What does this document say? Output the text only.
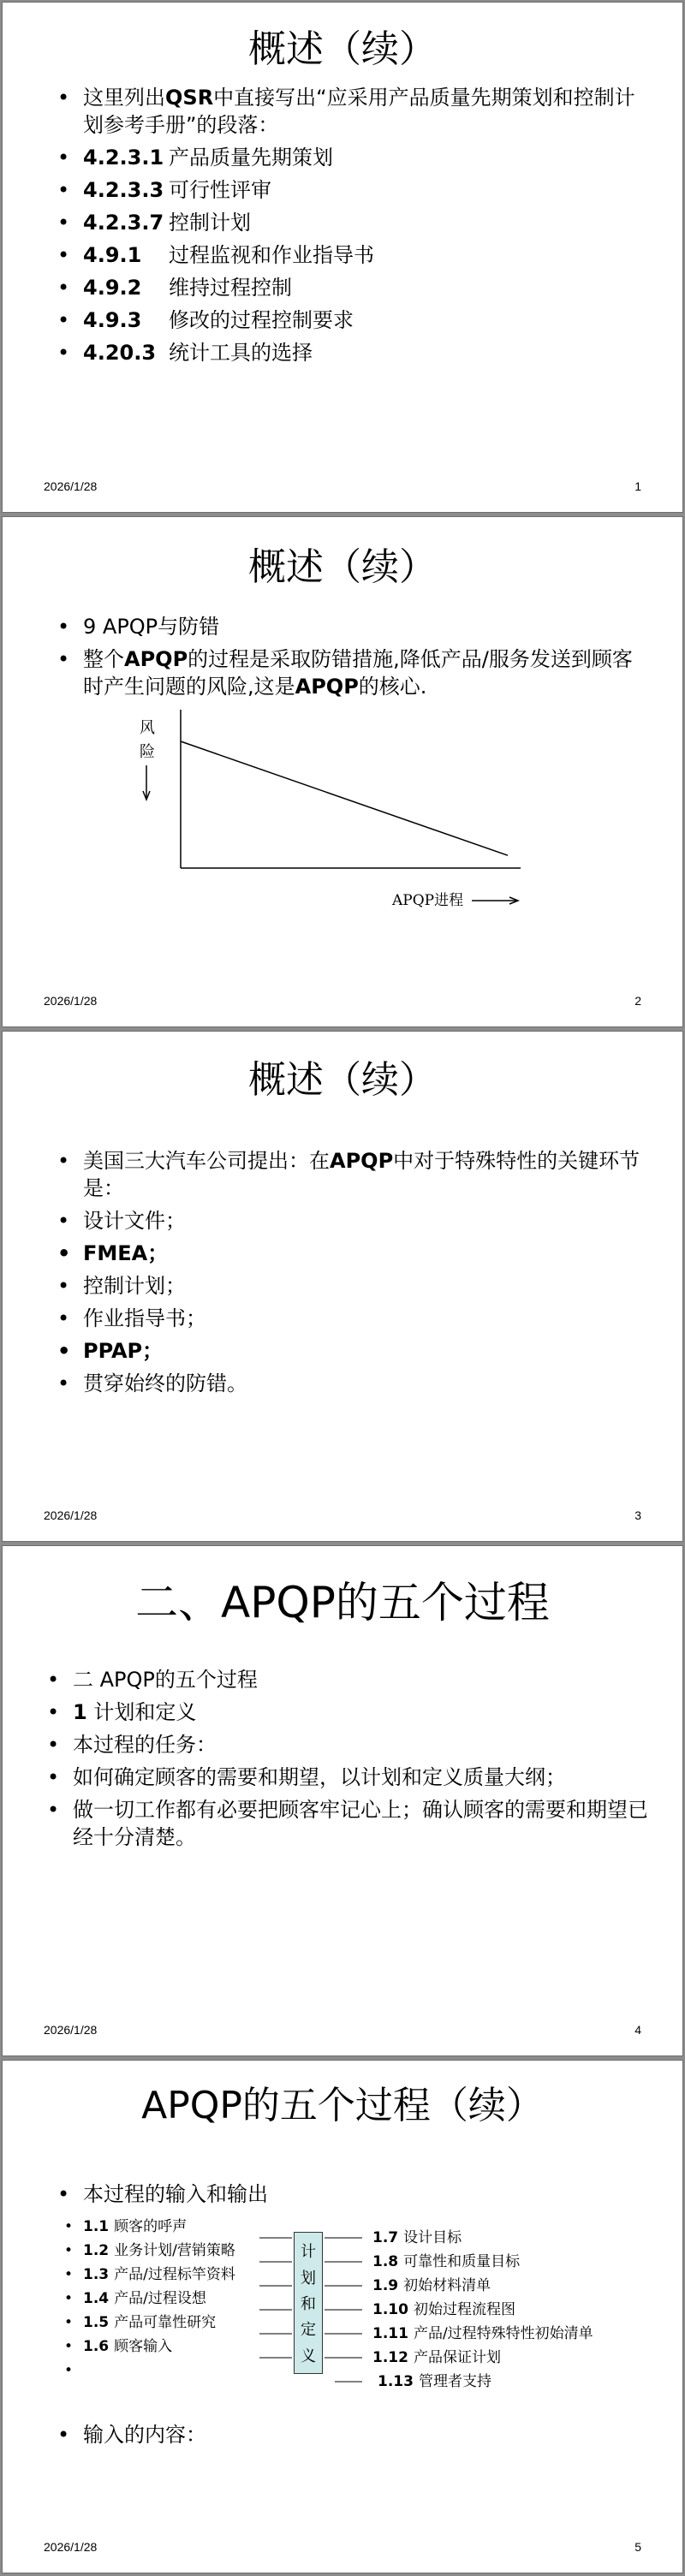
概述（续）
• 这里列出QSR中直接写出“应采用产品质量先期策划和控制计划参考手册”的段落：
• 4.2.3.1 产品质量先期策划
• 4.2.3.3 可行性评审
• 4.2.3.7 控制计划
• 4.9.1 过程监视和作业指导书
• 4.9.2 维持过程控制
• 4.9.3 修改的过程控制要求
• 4.20.3 统计工具的选择
2026/1/28	1
概述（续）
• 9 APQP与防错
• 整个APQP的过程是采取防错措施,降低产品/服务发送到顾客时产生问题的风险,这是APQP的核心.
风
险
APQP进程
2026/1/28	2
概述（续）
• 美国三大汽车公司提出：在APQP中对于特殊特性的关键环节是：
• 设计文件；
• FMEA；
• 控制计划；
• 作业指导书；
• PPAP；
• 贯穿始终的防错。
2026/1/28	3
二、APQP的五个过程
• 二 APQP的五个过程
• 1 计划和定义
• 本过程的任务：
• 如何确定顾客的需要和期望，以计划和定义质量大纲；
• 做一切工作都有必要把顾客牢记心上；确认顾客的需要和期望已经十分清楚。
2026/1/28	4
APQP的五个过程（续）
• 本过程的输入和输出
• 1.1 顾客的呼声
• 1.2 业务计划/营销策略
• 1.3 产品/过程标竿资料
• 1.4 产品/过程设想
• 1.5 产品可靠性研究
• 1.6 顾客输入
•
计
划
和
定
义
1.7 设计目标
1.8 可靠性和质量目标
1.9 初始材料清单
1.10 初始过程流程图
1.11 产品/过程特殊特性初始清单
1.12 产品保证计划
1.13 管理者支持
• 输入的内容：
2026/1/28	5
